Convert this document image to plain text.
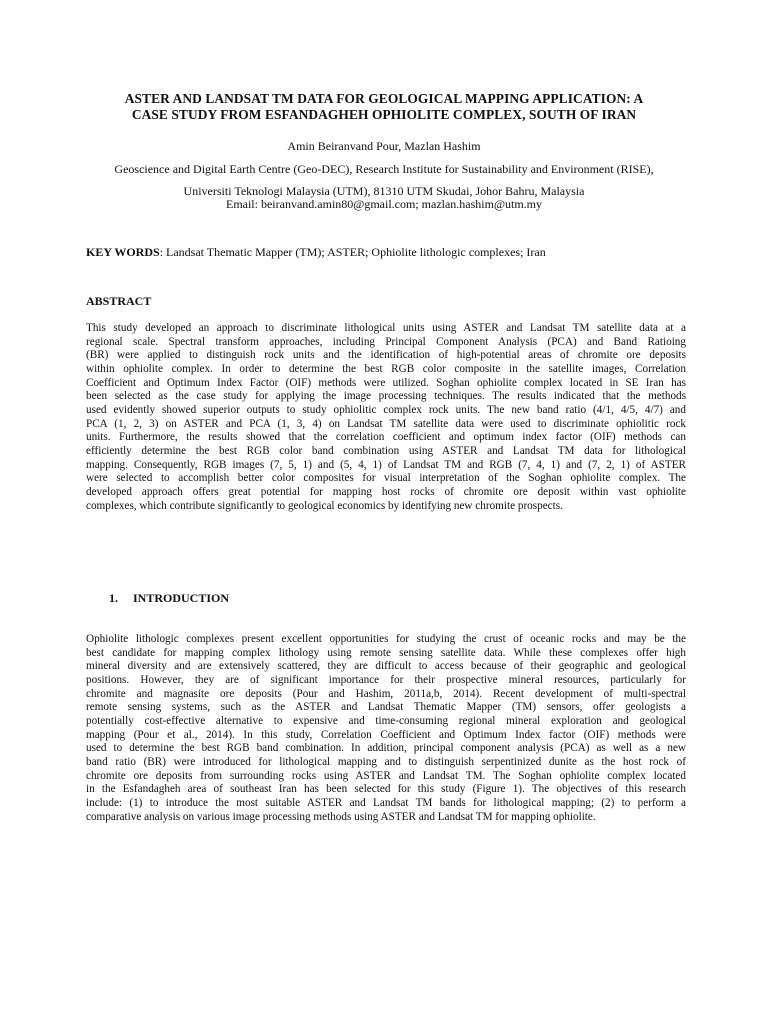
ASTER AND LANDSAT TM DATA FOR GEOLOGICAL MAPPING APPLICATION: A
CASE STUDY FROM ESFANDAGHEH OPHIOLITE COMPLEX, SOUTH OF IRAN
Amin Beiranvand Pour, Mazlan Hashim
Geoscience and Digital Earth Centre (Geo-DEC), Research Institute for Sustainability and Environment (RISE),
Universiti Teknologi Malaysia (UTM), 81310 UTM Skudai, Johor Bahru, Malaysia
Email: beiranvand.amin80@gmail.com; mazlan.hashim@utm.my
KEY WORDS: Landsat Thematic Mapper (TM); ASTER; Ophiolite lithologic complexes; Iran
ABSTRACT
This study developed an approach to discriminate lithological units using ASTER and Landsat TM satellite data at a
regional scale. Spectral transform approaches, including Principal Component Analysis (PCA) and Band Ratioing
(BR) were applied to distinguish rock units and the identification of high-potential areas of chromite ore deposits
within ophiolite complex. In order to determine the best RGB color composite in the satellite images, Correlation
Coefficient and Optimum Index Factor (OIF) methods were utilized. Soghan ophiolite complex located in SE Iran has
been selected as the case study for applying the image processing techniques. The results indicated that the methods
used evidently showed superior outputs to study ophiolitic complex rock units. The new band ratio (4/1, 4/5, 4/7) and
PCA (1, 2, 3) on ASTER and PCA (1, 3, 4) on Landsat TM satellite data were used to discriminate ophiolitic rock
units. Furthermore, the results showed that the correlation coefficient and optimum index factor (OIF) methods can
efficiently determine the best RGB color band combination using ASTER and Landsat TM data for lithological
mapping. Consequently, RGB images (7, 5, 1) and (5, 4, 1) of Landsat TM and RGB (7, 4, 1) and (7, 2, 1) of ASTER
were selected to accomplish better color composites for visual interpretation of the Soghan ophiolite complex. The
developed approach offers great potential for mapping host rocks of chromite ore deposit within vast ophiolite
complexes, which contribute significantly to geological economics by identifying new chromite prospects.
1. INTRODUCTION
Ophiolite lithologic complexes present excellent opportunities for studying the crust of oceanic rocks and may be the
best candidate for mapping complex lithology using remote sensing satellite data. While these complexes offer high
mineral diversity and are extensively scattered, they are difficult to access because of their geographic and geological
positions. However, they are of significant importance for their prospective mineral resources, particularly for
chromite and magnasite ore deposits (Pour and Hashim, 2011a,b, 2014). Recent development of multi-spectral
remote sensing systems, such as the ASTER and Landsat Thematic Mapper (TM) sensors, offer geologists a
potentially cost-effective alternative to expensive and time-consuming regional mineral exploration and geological
mapping (Pour et al., 2014). In this study, Correlation Coefficient and Optimum Index factor (OIF) methods were
used to determine the best RGB band combination. In addition, principal component analysis (PCA) as well as a new
band ratio (BR) were introduced for lithological mapping and to distinguish serpentinized dunite as the host rock of
chromite ore deposits from surrounding rocks using ASTER and Landsat TM. The Soghan ophiolite complex located
in the Esfandagheh area of southeast Iran has been selected for this study (Figure 1). The objectives of this research
include: (1) to introduce the most suitable ASTER and Landsat TM bands for lithological mapping; (2) to perform a
comparative analysis on various image processing methods using ASTER and Landsat TM for mapping ophiolite.
